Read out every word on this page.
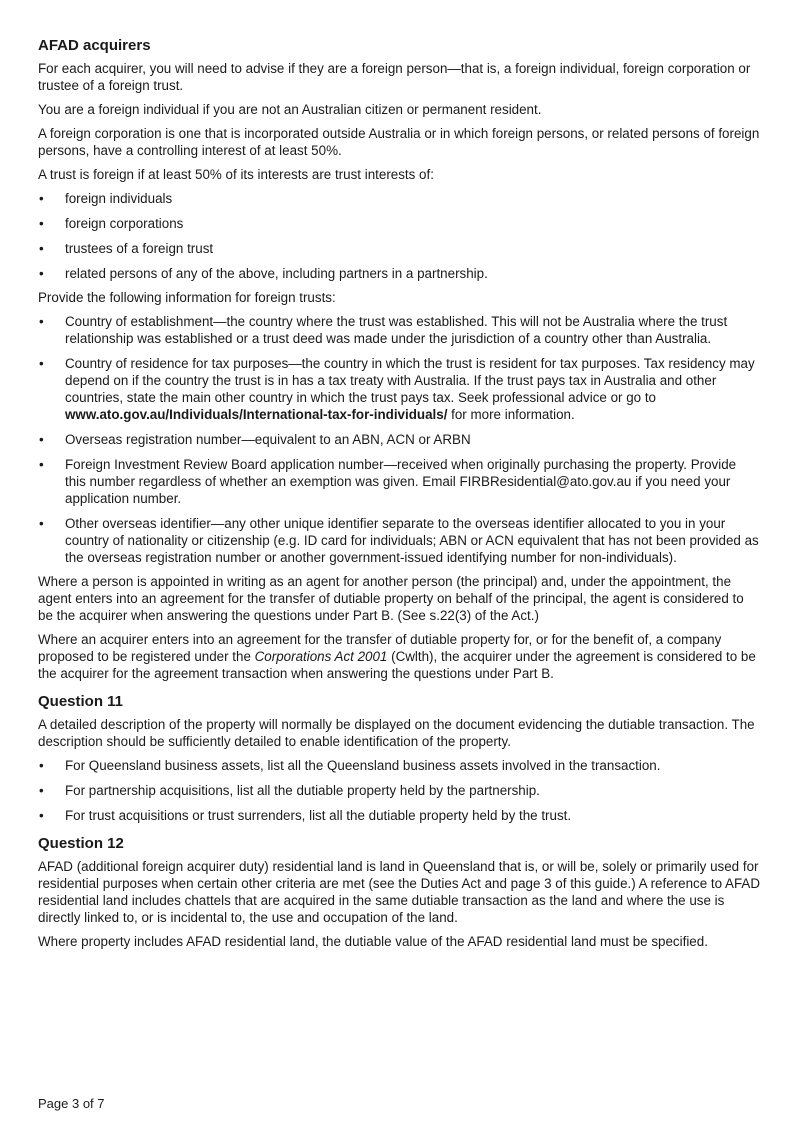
AFAD acquirers

For each acquirer, you will need to advise if they are a foreign person—that is, a foreign individual, foreign corporation or trustee of a foreign trust.

You are a foreign individual if you are not an Australian citizen or permanent resident.

A foreign corporation is one that is incorporated outside Australia or in which foreign persons, or related persons of foreign persons, have a controlling interest of at least 50%.

A trust is foreign if at least 50% of its interests are trust interests of:

• foreign individuals
• foreign corporations
• trustees of a foreign trust
• related persons of any of the above, including partners in a partnership.

Provide the following information for foreign trusts:

• Country of establishment—the country where the trust was established. This will not be Australia where the trust relationship was established or a trust deed was made under the jurisdiction of a country other than Australia.
• Country of residence for tax purposes—the country in which the trust is resident for tax purposes. Tax residency may depend on if the country the trust is in has a tax treaty with Australia. If the trust pays tax in Australia and other countries, state the main other country in which the trust pays tax. Seek professional advice or go to www.ato.gov.au/Individuals/International-tax-for-individuals/ for more information.
• Overseas registration number—equivalent to an ABN, ACN or ARBN
• Foreign Investment Review Board application number—received when originally purchasing the property. Provide this number regardless of whether an exemption was given. Email FIRBResidential@ato.gov.au if you need your application number.
• Other overseas identifier—any other unique identifier separate to the overseas identifier allocated to you in your country of nationality or citizenship (e.g. ID card for individuals; ABN or ACN equivalent that has not been provided as the overseas registration number or another government-issued identifying number for non-individuals).

Where a person is appointed in writing as an agent for another person (the principal) and, under the appointment, the agent enters into an agreement for the transfer of dutiable property on behalf of the principal, the agent is considered to be the acquirer when answering the questions under Part B. (See s.22(3) of the Act.)

Where an acquirer enters into an agreement for the transfer of dutiable property for, or for the benefit of, a company proposed to be registered under the Corporations Act 2001 (Cwlth), the acquirer under the agreement is considered to be the acquirer for the agreement transaction when answering the questions under Part B.

Question 11

A detailed description of the property will normally be displayed on the document evidencing the dutiable transaction. The description should be sufficiently detailed to enable identification of the property.

• For Queensland business assets, list all the Queensland business assets involved in the transaction.
• For partnership acquisitions, list all the dutiable property held by the partnership.
• For trust acquisitions or trust surrenders, list all the dutiable property held by the trust.
Question 12

AFAD (additional foreign acquirer duty) residential land is land in Queensland that is, or will be, solely or primarily used for residential purposes when certain other criteria are met (see the Duties Act and page 3 of this guide.) A reference to AFAD residential land includes chattels that are acquired in the same dutiable transaction as the land and where the use is directly linked to, or is incidental to, the use and occupation of the land.

Where property includes AFAD residential land, the dutiable value of the AFAD residential land must be specified.

Page 3 of 7
